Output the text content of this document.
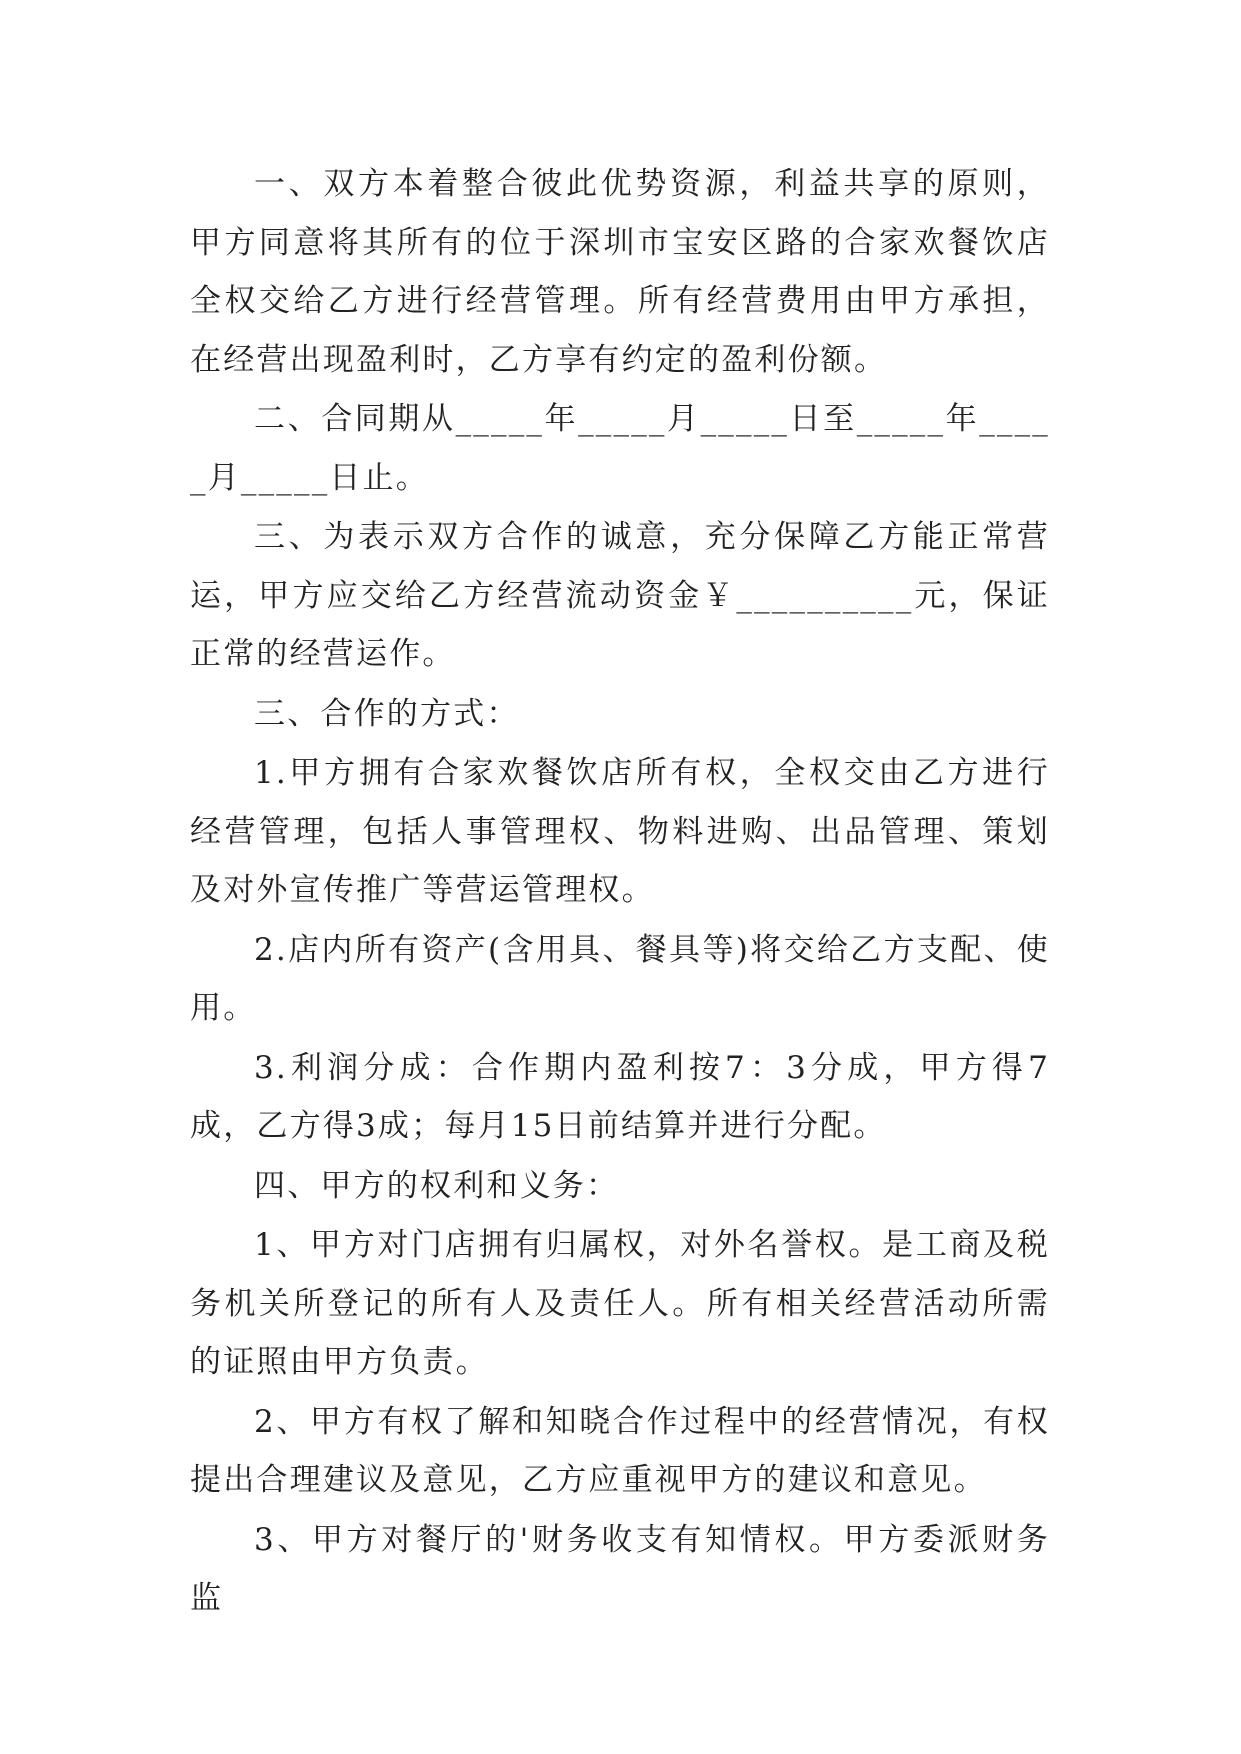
一、双方本着整合彼此优势资源，利益共享的原则，甲方同意将其所有的位于深圳市宝安区路的合家欢餐饮店全权交给乙方进行经营管理。所有经营费用由甲方承担，在经营出现盈利时，乙方享有约定的盈利份额。

二、合同期从_____年_____月_____日至_____年_____月_____日止。

三、为表示双方合作的诚意，充分保障乙方能正常营运，甲方应交给乙方经营流动资金￥__________元，保证正常的经营运作。

三、合作的方式：

1.甲方拥有合家欢餐饮店所有权，全权交由乙方进行经营管理，包括人事管理权、物料进购、出品管理、策划及对外宣传推广等营运管理权。

2.店内所有资产(含用具、餐具等)将交给乙方支配、使用。

3.利润分成：合作期内盈利按7：3分成，甲方得7成，乙方得3成；每月15日前结算并进行分配。

四、甲方的权利和义务：

1、甲方对门店拥有归属权，对外名誉权。是工商及税务机关所登记的所有人及责任人。所有相关经营活动所需的证照由甲方负责。

2、甲方有权了解和知晓合作过程中的经营情况，有权提出合理建议及意见，乙方应重视甲方的建议和意见。

3、甲方对餐厅的'财务收支有知情权。甲方委派财务监
